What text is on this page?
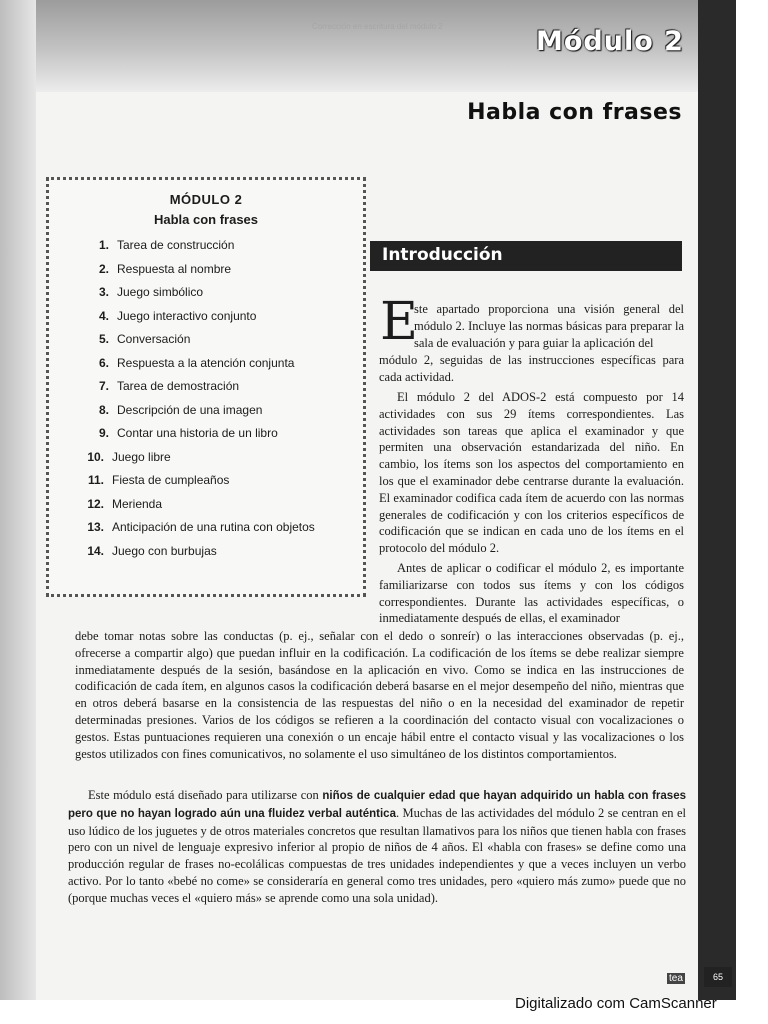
Corrección en escritura del módulo 2	Módulo 2
Habla con frases
MÓDULO 2
Habla con frases
1. Tarea de construcción
2. Respuesta al nombre
3. Juego simbólico
4. Juego interactivo conjunto
5. Conversación
6. Respuesta a la atención conjunta
7. Tarea de demostración
8. Descripción de una imagen
9. Contar una historia de un libro
10. Juego libre
11. Fiesta de cumpleaños
12. Merienda
13. Anticipación de una rutina con objetos
14. Juego con burbujas
Introducción
E
ste apartado proporciona una visión general del módulo 2. Incluye las normas básicas para preparar la sala de evaluación y para guiar la aplicación del
módulo 2, seguidas de las instrucciones específicas para cada actividad.
El módulo 2 del ADOS-2 está compuesto por 14 actividades con sus 29 ítems correspondientes. Las actividades son tareas que aplica el examinador y que permiten una observación estandarizada del niño. En cambio, los ítems son los aspectos del comportamiento en los que el examinador debe centrarse durante la evaluación. El examinador codifica cada ítem de acuerdo con las normas generales de codificación y con los criterios específicos de codificación que se indican en cada uno de los ítems en el protocolo del módulo 2.
Antes de aplicar o codificar el módulo 2, es importante familiarizarse con todos sus ítems y con los códigos correspondientes. Durante las actividades específicas, o inmediatamente después de ellas, el examinador
debe tomar notas sobre las conductas (p. ej., señalar con el dedo o sonreír) o las interacciones observadas (p. ej., ofrecerse a compartir algo) que puedan influir en la codificación. La codificación de los ítems se debe realizar siempre inmediatamente después de la sesión, basándose en la aplicación en vivo. Como se indica en las instrucciones de codificación de cada ítem, en algunos casos la codificación deberá basarse en el mejor desempeño del niño, mientras que en otros deberá basarse en la consistencia de las respuestas del niño o en la necesidad del examinador de repetir determinadas presiones. Varios de los códigos se refieren a la coordinación del contacto visual con vocalizaciones o gestos. Estas puntuaciones requieren una conexión o un encaje hábil entre el contacto visual y las vocalizaciones o los gestos utilizados con fines comunicativos, no solamente el uso simultáneo de los distintos comportamientos.
Este módulo está diseñado para utilizarse con niños de cualquier edad que hayan adquirido un habla con frases pero que no hayan logrado aún una fluidez verbal auténtica. Muchas de las actividades del módulo 2 se centran en el uso lúdico de los juguetes y de otros materiales concretos que resultan llamativos para los niños que tienen habla con frases pero con un nivel de lenguaje expresivo inferior al propio de niños de 4 años. El «habla con frases» se define como una producción regular de frases no-ecolálicas compuestas de tres unidades independientes y que a veces incluyen un verbo activo. Por lo tanto «bebé no come» se consideraría en general como tres unidades, pero «quiero más zumo» puede que no (porque muchas veces el «quiero más» se aprende como una sola unidad).
tea	65
Digitalizado com CamScanner
